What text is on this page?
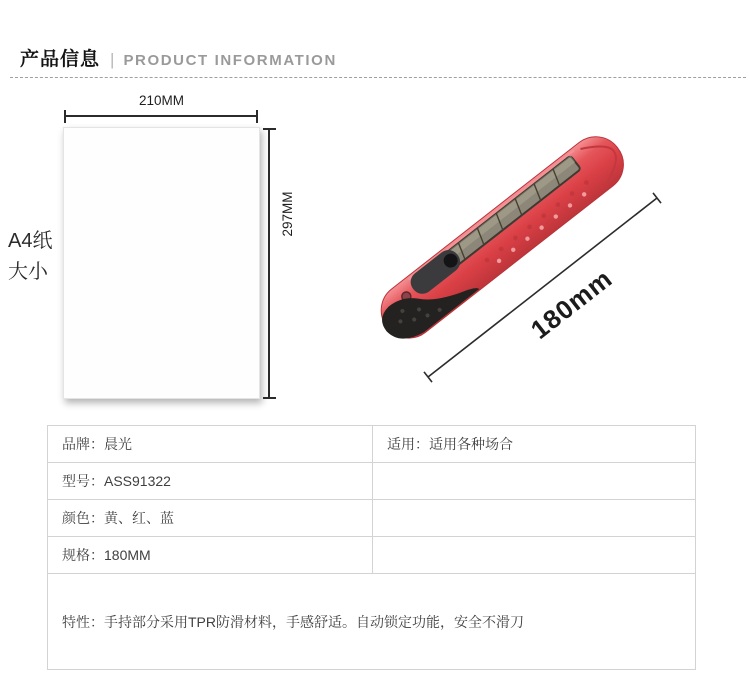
产品信息 | PRODUCT INFORMATION
210MM
297MM
A4纸
大小	180mm
品牌：晨光	适用：适用各种场合
型号：ASS91322	
颜色：黄、红、蓝	
规格：180MM	
特性：手持部分采用TPR防滑材料，手感舒适。自动锁定功能，安全不滑刀	
